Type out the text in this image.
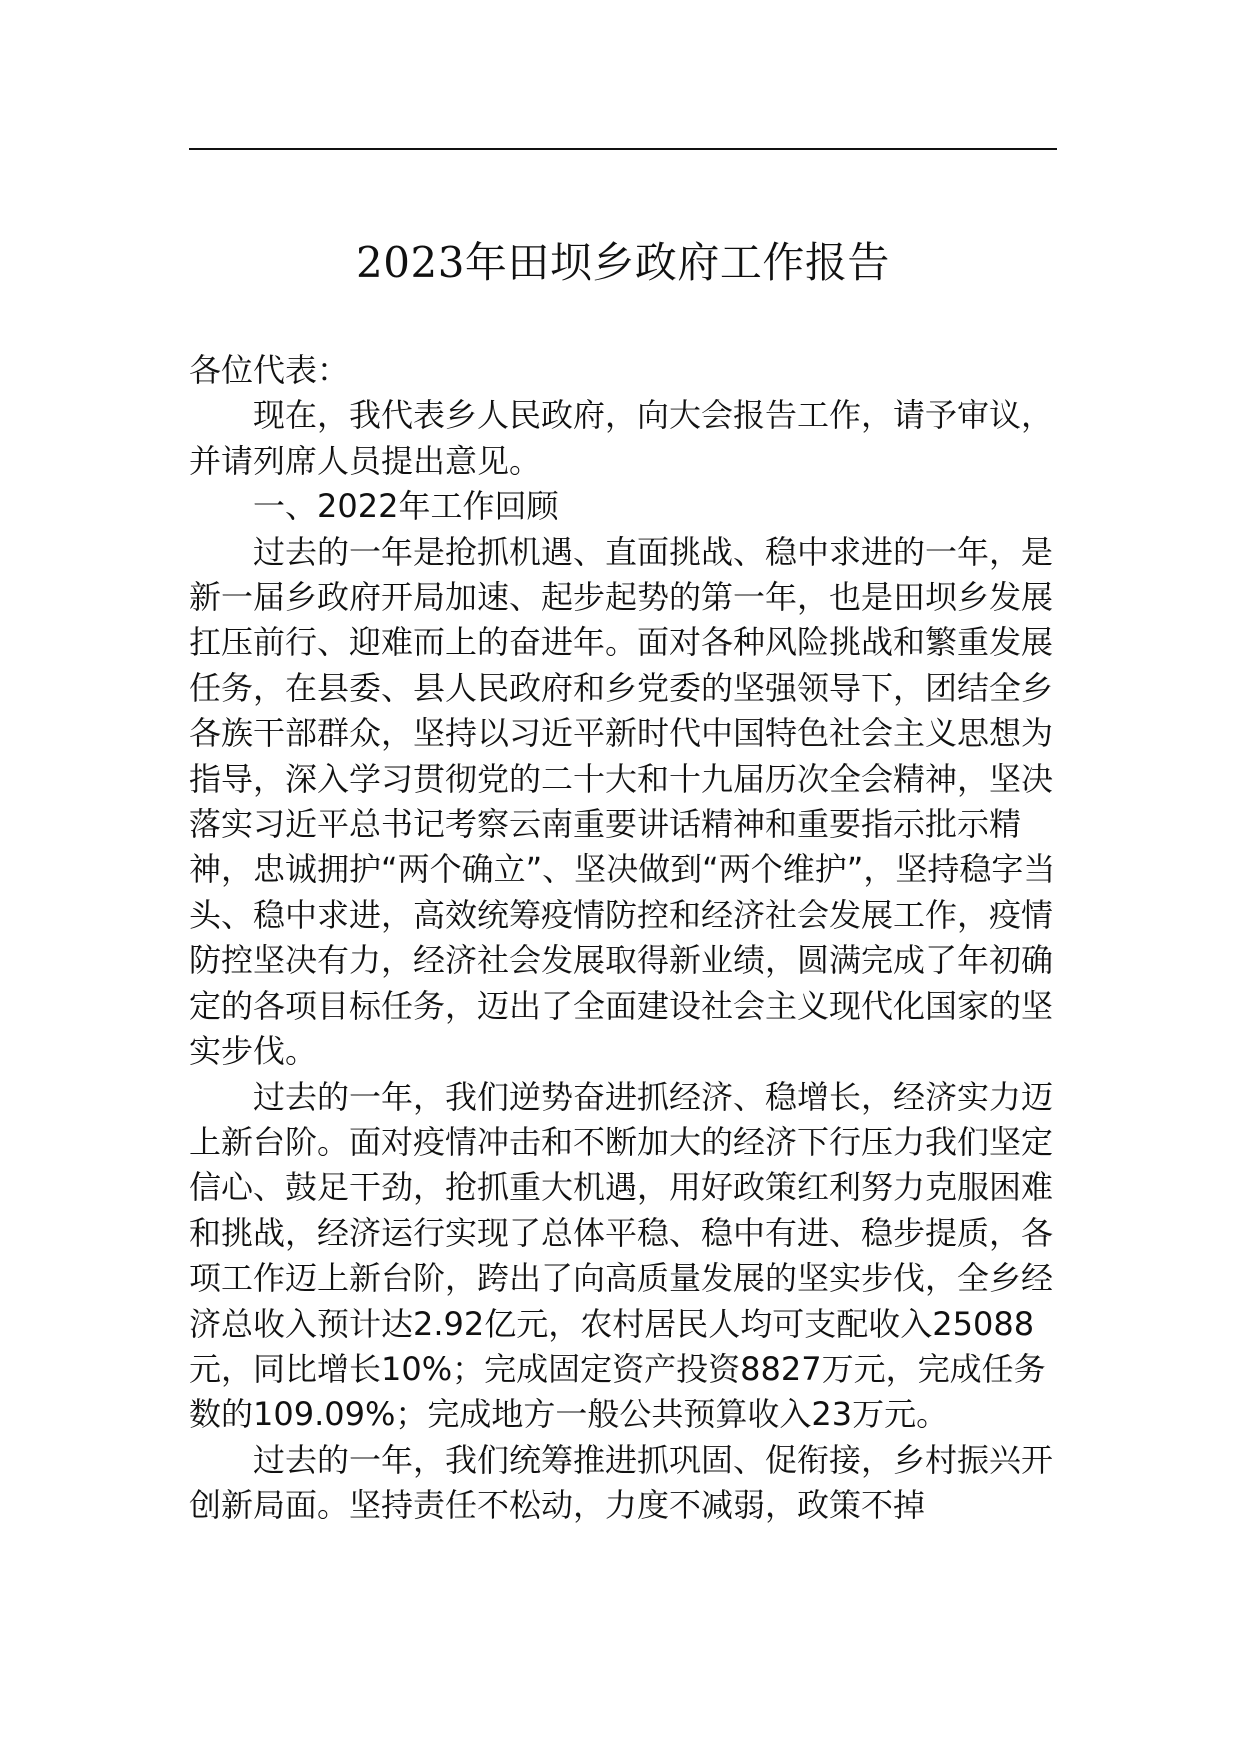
2023年田坝乡政府工作报告

各位代表：

现在，我代表乡人民政府，向大会报告工作，请予审议，并请列席人员提出意见。

一、2022年工作回顾

过去的一年是抢抓机遇、直面挑战、稳中求进的一年，是新一届乡政府开局加速、起步起势的第一年，也是田坝乡发展扛压前行、迎难而上的奋进年。面对各种风险挑战和繁重发展任务，在县委、县人民政府和乡党委的坚强领导下，团结全乡各族干部群众，坚持以习近平新时代中国特色社会主义思想为指导，深入学习贯彻党的二十大和十九届历次全会精神，坚决落实习近平总书记考察云南重要讲话精神和重要指示批示精神，忠诚拥护“两个确立”、坚决做到“两个维护”，坚持稳字当头、稳中求进，高效统筹疫情防控和经济社会发展工作，疫情防控坚决有力，经济社会发展取得新业绩，圆满完成了年初确定的各项目标任务，迈出了全面建设社会主义现代化国家的坚实步伐。

过去的一年，我们逆势奋进抓经济、稳增长，经济实力迈上新台阶。面对疫情冲击和不断加大的经济下行压力我们坚定信心、鼓足干劲，抢抓重大机遇，用好政策红利努力克服困难和挑战，经济运行实现了总体平稳、稳中有进、稳步提质，各项工作迈上新台阶，跨出了向高质量发展的坚实步伐，全乡经济总收入预计达2.92亿元，农村居民人均可支配收入25088元，同比增长10%；完成固定资产投资8827万元，完成任务数的109.09%；完成地方一般公共预算收入23万元。

过去的一年，我们统筹推进抓巩固、促衔接，乡村振兴开创新局面。坚持责任不松动，力度不减弱，政策不掉
